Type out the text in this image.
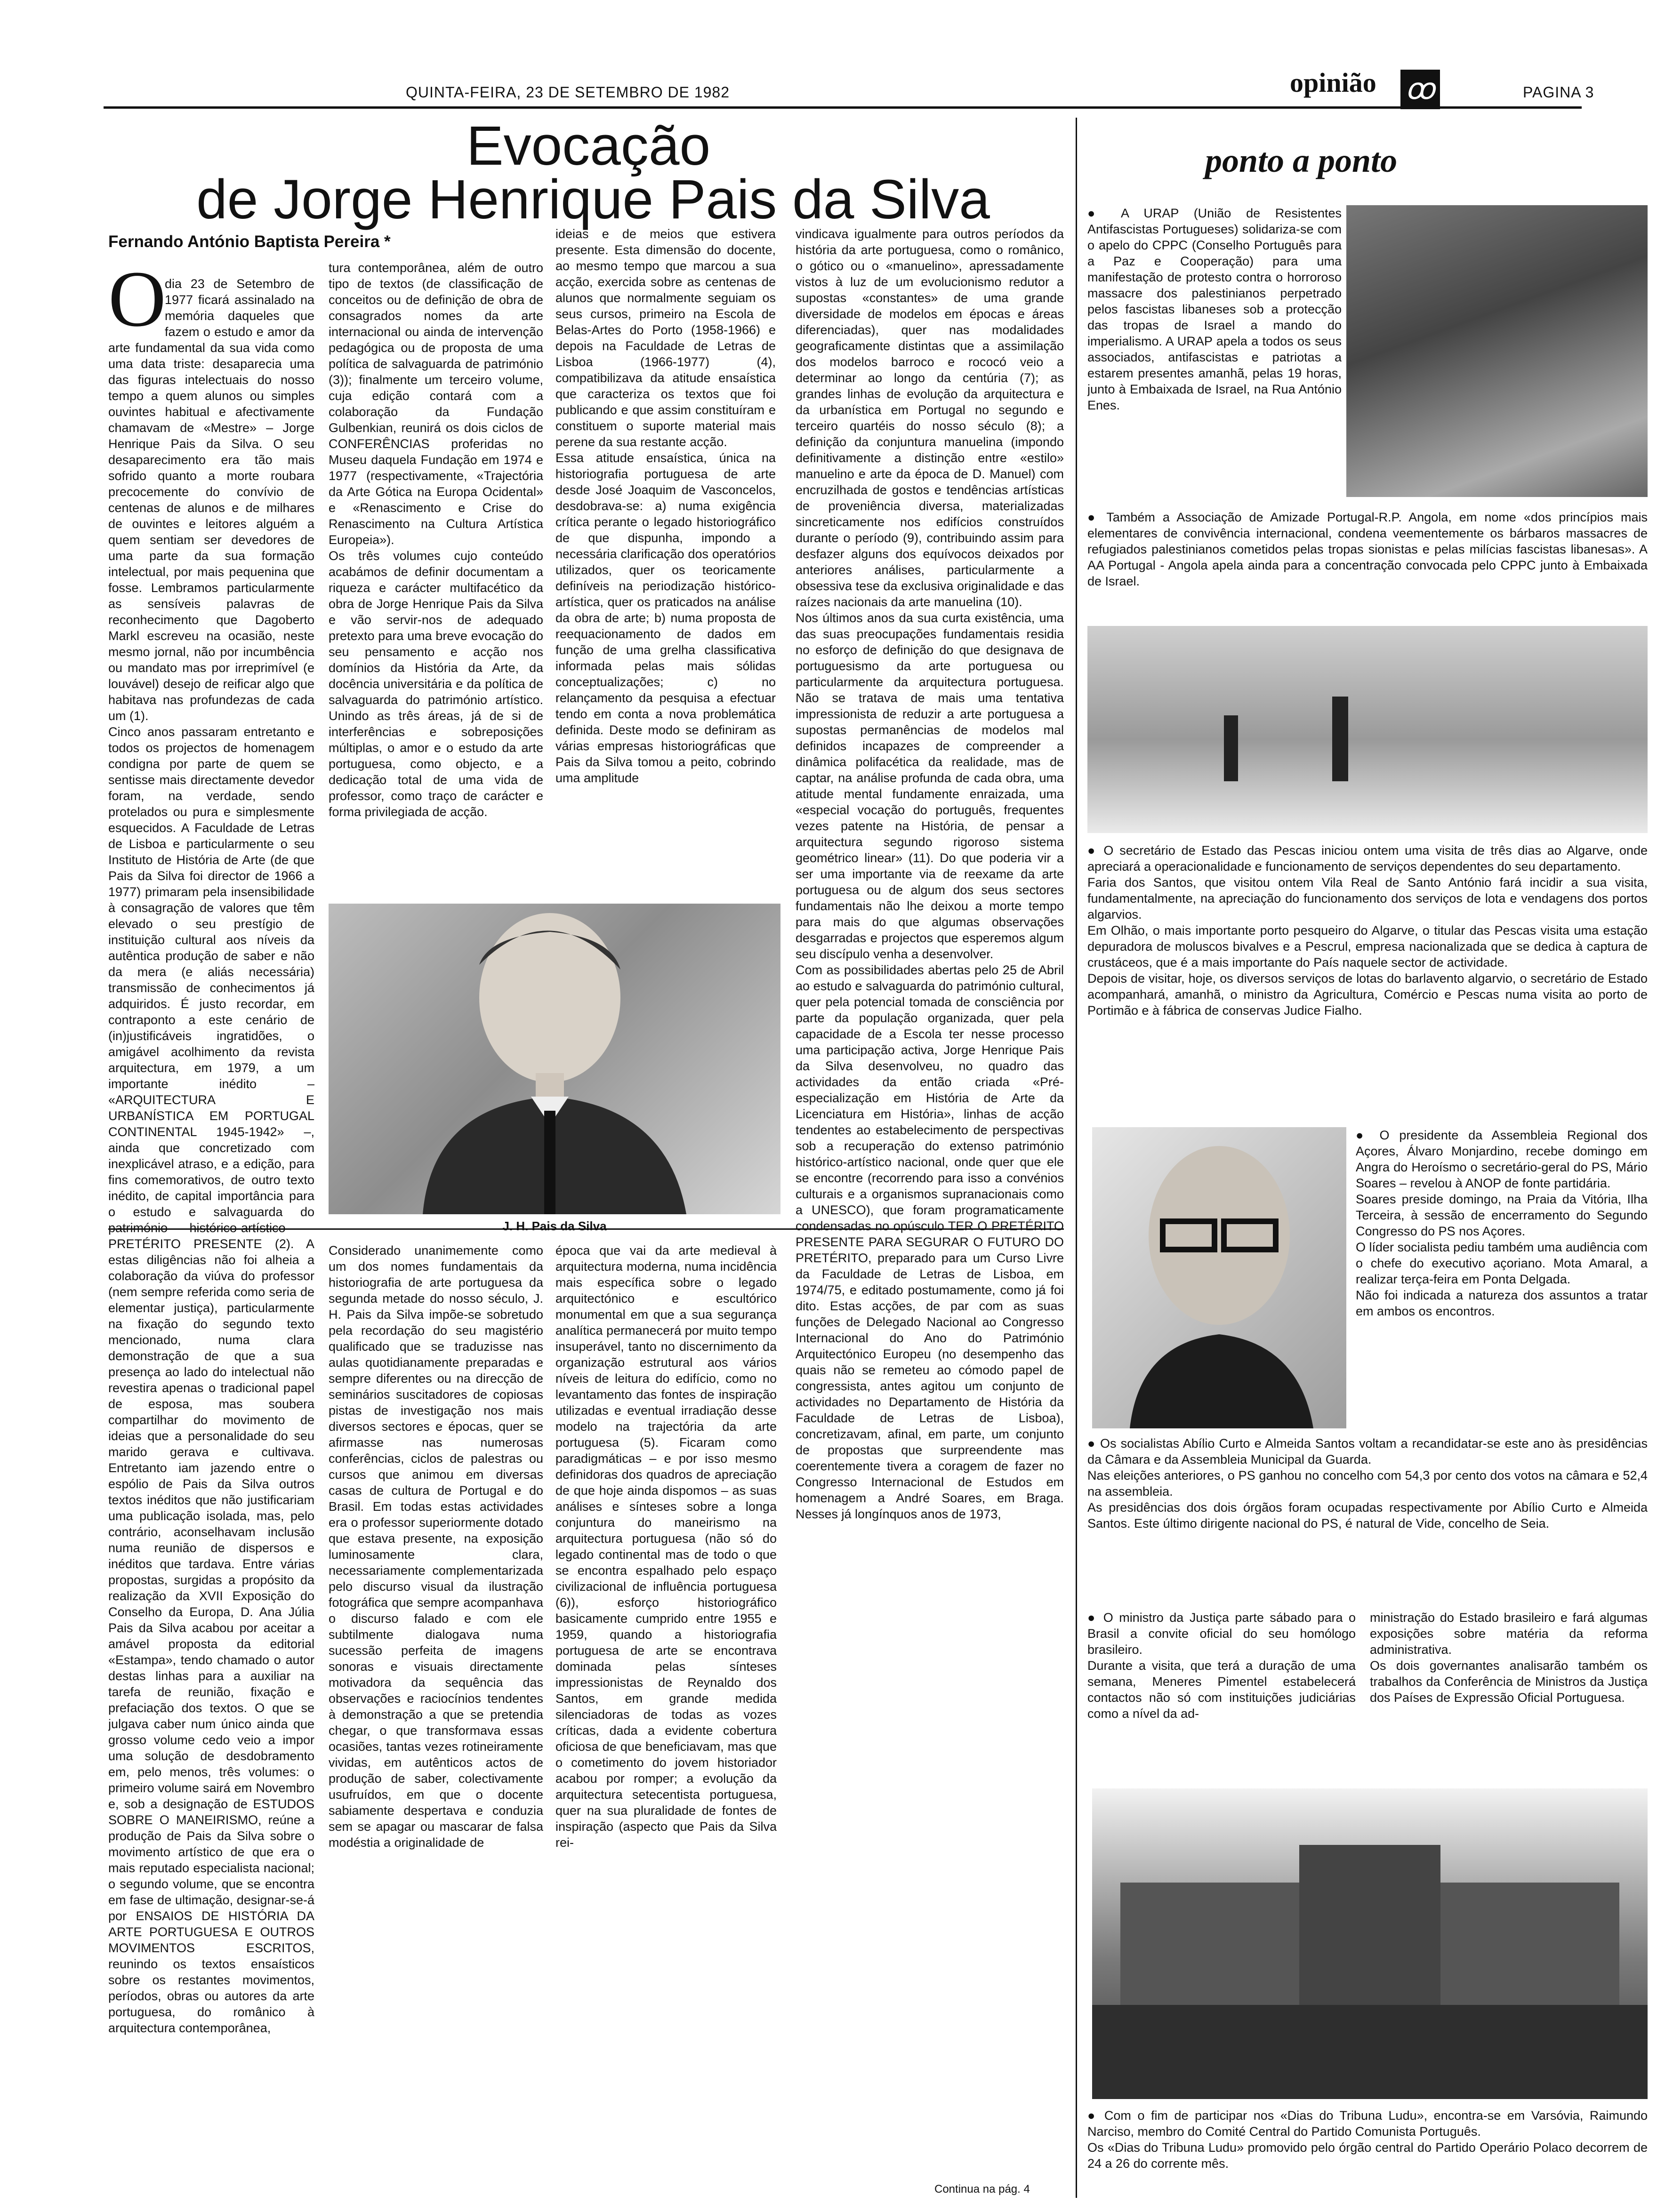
QUINTA-FEIRA, 23 DE SETEMBRO DE 1982	opinião ꝏ	PAGINA 3
Evocação
de Jorge Henrique Pais da Silva
Fernando António Baptista Pereira *
O

dia 23 de Setembro de 1977 ficará assinalado na memória daqueles que fazem o estudo e amor da arte fundamental da sua vida como uma data triste: desaparecia uma das figuras intelectuais do nosso tempo a quem alunos ou simples ouvintes habitual e afectivamente chamavam de «Mestre» – Jorge Henrique Pais da Silva. O seu desaparecimento era tão mais sofrido quanto a morte roubara precocemente do convívio de centenas de alunos e de milhares de ouvintes e leitores alguém a quem sentiam ser devedores de uma parte da sua formação intelectual, por mais pequenina que fosse. Lembramos particularmente as sensíveis palavras de reconhecimento que Dagoberto Markl escreveu na ocasião, neste mesmo jornal, não por incumbência ou mandato mas por irreprimível (e louvável) desejo de reificar algo que habitava nas profundezas de cada um (1).
Cinco anos passaram entretanto e todos os projectos de homenagem condigna por parte de quem se sentisse mais directamente devedor foram, na verdade, sendo protelados ou pura e simplesmente esquecidos. A Faculdade de Letras de Lisboa e particularmente o seu Instituto de História de Arte (de que Pais da Silva foi director de 1966 a 1977) primaram pela insensibilidade à consagração de valores que têm elevado o seu prestígio de instituição cultural aos níveis da autêntica produção de saber e não da mera (e aliás necessária) transmissão de conhecimentos já adquiridos. É justo recordar, em contraponto a este cenário de (in)justificáveis ingratidões, o amigável acolhimento da revista arquitectura, em 1979, a um importante inédito – «ARQUITECTURA E URBANÍSTICA EM PORTUGAL CONTINENTAL 1945-1942» –, ainda que concretizado com inexplicável atraso, e a edição, para fins comemorativos, de outro texto inédito, de capital importância para o estudo e salvaguarda do património histórico-artístico – PRETÉRITO PRESENTE (2). A estas diligências não foi alheia a colaboração da viúva do professor (nem sempre referida como seria de elementar justiça), particularmente na fixação do segundo texto mencionado, numa clara demonstração de que a sua presença ao lado do intelectual não revestira apenas o tradicional papel de esposa, mas soubera compartilhar do movimento de ideias que a personalidade do seu marido gerava e cultivava. Entretanto iam jazendo entre o espólio de Pais da Silva outros textos inéditos que não justificariam uma publicação isolada, mas, pelo contrário, aconselhavam inclusão numa reunião de dispersos e inéditos que tardava. Entre várias propostas, surgidas a propósito da realização da XVII Exposição do Conselho da Europa, D. Ana Júlia Pais da Silva acabou por aceitar a amável proposta da editorial «Estampa», tendo chamado o autor destas linhas para a auxiliar na tarefa de reunião, fixação e prefaciação dos textos. O que se julgava caber num único ainda que grosso volume cedo veio a impor uma solução de desdobramento em, pelo menos, três volumes: o primeiro volume sairá em Novembro e, sob a designação de ESTUDOS SOBRE O MANEIRISMO, reúne a produção de Pais da Silva sobre o movimento artístico de que era o mais reputado especialista nacional; o segundo volume, que se encontra em fase de ultimação, designar-se-á por ENSAIOS DE HISTÓRIA DA ARTE PORTUGUESA E OUTROS MOVIMENTOS ESCRITOS, reunindo os textos ensaísticos sobre os restantes movimentos, períodos, obras ou autores da arte portuguesa, do românico à arquitectura contemporânea,

tura contemporânea, além de outro tipo de textos (de classificação de conceitos ou de definição de obra de consagrados nomes da arte internacional ou ainda de intervenção pedagógica ou de proposta de uma política de salvaguarda de património (3)); finalmente um terceiro volume, cuja edição contará com a colaboração da Fundação Gulbenkian, reunirá os dois ciclos de CONFERÊNCIAS proferidas no Museu daquela Fundação em 1974 e 1977 (respectivamente, «Trajectória da Arte Gótica na Europa Ocidental» e «Renascimento e Crise do Renascimento na Cultura Artística Europeia»).
Os três volumes cujo conteúdo acabámos de definir documentam a riqueza e carácter multifacético da obra de Jorge Henrique Pais da Silva e vão servir-nos de adequado pretexto para uma breve evocação do seu pensamento e acção nos domínios da História da Arte, da docência universitária e da política de salvaguarda do património artístico. Unindo as três áreas, já de si de interferências e sobreposições múltiplas, o amor e o estudo da arte portuguesa, como objecto, e a dedicação total de uma vida de professor, como traço de carácter e forma privilegiada de acção.
ideias e de meios que estivera presente. Esta dimensão do docente, ao mesmo tempo que marcou a sua acção, exercida sobre as centenas de alunos que normalmente seguiam os seus cursos, primeiro na Escola de Belas-Artes do Porto (1958-1966) e depois na Faculdade de Letras de Lisboa (1966-1977) (4), compatibilizava da atitude ensaística que caracteriza os textos que foi publicando e que assim constituíram e constituem o suporte material mais perene da sua restante acção.
Essa atitude ensaística, única na historiografia portuguesa de arte desde José Joaquim de Vasconcelos, desdobrava-se: a) numa exigência crítica perante o legado historiográfico de que dispunha, impondo a necessária clarificação dos operatórios utilizados, quer os teoricamente definíveis na periodização histórico-artística, quer os praticados na análise da obra de arte; b) numa proposta de reequacionamento de dados em função de uma grelha classificativa informada pelas mais sólidas conceptualizações; c) no relançamento da pesquisa a efectuar tendo em conta a nova problemática definida. Deste modo se definiram as várias empresas historiográficas que Pais da Silva tomou a peito, cobrindo uma amplitude
vindicava igualmente para outros períodos da história da arte portuguesa, como o românico, o gótico ou o «manuelino», apressadamente vistos à luz de um evolucionismo redutor a supostas «constantes» de uma grande diversidade de modelos em épocas e áreas diferenciadas), quer nas modalidades geograficamente distintas que a assimilação dos modelos barroco e rococó veio a determinar ao longo da centúria (7); as grandes linhas de evolução da arquitectura e da urbanística em Portugal no segundo e terceiro quartéis do nosso século (8); a definição da conjuntura manuelina (impondo definitivamente a distinção entre «estilo» manuelino e arte da época de D. Manuel) com encruzilhada de gostos e tendências artísticas de proveniência diversa, materializadas sincreticamente nos edifícios construídos durante o período (9), contribuindo assim para desfazer alguns dos equívocos deixados por anteriores análises, particularmente a obsessiva tese da exclusiva originalidade e das raízes nacionais da arte manuelina (10).
Nos últimos anos da sua curta existência, uma das suas preocupações fundamentais residia no esforço de definição do que designava de portuguesismo da arte portuguesa ou particularmente da arquitectura portuguesa. Não se tratava de mais uma tentativa impressionista de reduzir a arte portuguesa a supostas permanências de modelos mal definidos incapazes de compreender a dinâmica polifacética da realidade, mas de captar, na análise profunda de cada obra, uma atitude mental fundamente enraizada, uma «especial vocação do português, frequentes vezes patente na História, de pensar a arquitectura segundo rigoroso sistema geométrico linear» (11). Do que poderia vir a ser uma importante via de reexame da arte portuguesa ou de algum dos seus sectores fundamentais não lhe deixou a morte tempo para mais do que algumas observações desgarradas e projectos que esperemos algum seu discípulo venha a desenvolver.
Com as possibilidades abertas pelo 25 de Abril ao estudo e salvaguarda do património cultural, quer pela potencial tomada de consciência por parte da população organizada, quer pela capacidade de a Escola ter nesse processo uma participação activa, Jorge Henrique Pais da Silva desenvolveu, no quadro das actividades da então criada «Pré-especialização em História de Arte da Licenciatura em História», linhas de acção tendentes ao estabelecimento de perspectivas sob a recuperação do extenso património histórico-artístico nacional, onde quer que ele se encontre (recorrendo para isso a convénios culturais e a organismos supranacionais como a UNESCO), que foram programaticamente condensadas no opúsculo TER O PRETÉRITO PRESENTE PARA SEGURAR O FUTURO DO PRETÉRITO, preparado para um Curso Livre da Faculdade de Letras de Lisboa, em 1974/75, e editado postumamente, como já foi dito. Estas acções, de par com as suas funções de Delegado Nacional ao Congresso Internacional do Ano do Património Arquitectónico Europeu (no desempenho das quais não se remeteu ao cómodo papel de congressista, antes agitou um conjunto de actividades no Departamento de História da Faculdade de Letras de Lisboa), concretizavam, afinal, em parte, um conjunto de propostas que surpreendente mas coerentemente tivera a coragem de fazer no Congresso Internacional de Estudos em homenagem a André Soares, em Braga. Nesses já longínquos anos de 1973,
J. H. Pais da Silva
Considerado unanimemente como um dos nomes fundamentais da historiografia de arte portuguesa da segunda metade do nosso século, J. H. Pais da Silva impõe-se sobretudo pela recordação do seu magistério qualificado que se traduzisse nas aulas quotidianamente preparadas e sempre diferentes ou na direcção de seminários suscitadores de copiosas pistas de investigação nos mais diversos sectores e épocas, quer se afirmasse nas numerosas conferências, ciclos de palestras ou cursos que animou em diversas casas de cultura de Portugal e do Brasil. Em todas estas actividades era o professor superiormente dotado que estava presente, na exposição luminosamente clara, necessariamente complementarizada pelo discurso visual da ilustração fotográfica que sempre acompanhava o discurso falado e com ele subtilmente dialogava numa sucessão perfeita de imagens sonoras e visuais directamente motivadora da sequência das observações e raciocínios tendentes à demonstração a que se pretendia chegar, o que transformava essas ocasiões, tantas vezes rotineiramente vividas, em autênticos actos de produção de saber, colectivamente usufruídos, em que o docente sabiamente despertava e conduzia sem se apagar ou mascarar de falsa modéstia a originalidade de
época que vai da arte medieval à arquitectura moderna, numa incidência mais específica sobre o legado arquitectónico e escultórico monumental em que a sua segurança analítica permanecerá por muito tempo insuperável, tanto no discernimento da organização estrutural aos vários níveis de leitura do edifício, como no levantamento das fontes de inspiração utilizadas e eventual irradiação desse modelo na trajectória da arte portuguesa (5). Ficaram como paradigmáticas – e por isso mesmo definidoras dos quadros de apreciação de que hoje ainda dispomos – as suas análises e sínteses sobre a longa conjuntura do maneirismo na arquitectura portuguesa (não só do legado continental mas de todo o que se encontra espalhado pelo espaço civilizacional de influência portuguesa (6)), esforço historiográfico basicamente cumprido entre 1955 e 1959, quando a historiografia portuguesa de arte se encontrava dominada pelas sínteses impressionistas de Reynaldo dos Santos, em grande medida silenciadoras de todas as vozes críticas, dada a evidente cobertura oficiosa de que beneficiavam, mas que o cometimento do jovem historiador acabou por romper; a evolução da arquitectura setecentista portuguesa, quer na sua pluralidade de fontes de inspiração (aspecto que Pais da Silva rei-
Continua na pág. 4
ponto a ponto
● A URAP (União de Resistentes Antifascistas Portugueses) solidariza-se com o apelo do CPPC (Conselho Português para a Paz e Cooperação) para uma manifestação de protesto contra o horroroso massacre dos palestinianos perpetrado pelos fascistas libaneses sob a protecção das tropas de Israel a mando do imperialismo. A URAP apela a todos os seus associados, antifascistas e patriotas a estarem presentes amanhã, pelas 19 horas, junto à Embaixada de Israel, na Rua António Enes.
● Também a Associação de Amizade Portugal-R.P. Angola, em nome «dos princípios mais elementares de convivência internacional, condena veementemente os bárbaros massacres de refugiados palestinianos cometidos pelas tropas sionistas e pelas milícias fascistas libanesas». A AA Portugal - Angola apela ainda para a concentração convocada pelo CPPC junto à Embaixada de Israel.
● O secretário de Estado das Pescas iniciou ontem uma visita de três dias ao Algarve, onde apreciará a operacionalidade e funcionamento de serviços dependentes do seu departamento.
Faria dos Santos, que visitou ontem Vila Real de Santo António fará incidir a sua visita, fundamentalmente, na apreciação do funcionamento dos serviços de lota e vendagens dos portos algarvios.
Em Olhão, o mais importante porto pesqueiro do Algarve, o titular das Pescas visita uma estação depuradora de moluscos bivalves e a Pescrul, empresa nacionalizada que se dedica à captura de crustáceos, que é a mais importante do País naquele sector de actividade.
Depois de visitar, hoje, os diversos serviços de lotas do barlavento algarvio, o secretário de Estado acompanhará, amanhã, o ministro da Agricultura, Comércio e Pescas numa visita ao porto de Portimão e à fábrica de conservas Judice Fialho.
● O presidente da Assembleia Regional dos Açores, Álvaro Monjardino, recebe domingo em Angra do Heroísmo o secretário-geral do PS, Mário Soares – revelou à ANOP de fonte partidária.
Soares preside domingo, na Praia da Vitória, Ilha Terceira, à sessão de encerramento do Segundo Congresso do PS nos Açores.
O líder socialista pediu também uma audiência com o chefe do executivo açoriano. Mota Amaral, a realizar terça-feira em Ponta Delgada.
Não foi indicada a natureza dos assuntos a tratar em ambos os encontros.
● Os socialistas Abílio Curto e Almeida Santos voltam a recandidatar-se este ano às presidências da Câmara e da Assembleia Municipal da Guarda.
Nas eleições anteriores, o PS ganhou no concelho com 54,3 por cento dos votos na câmara e 52,4 na assembleia.
As presidências dos dois órgãos foram ocupadas respectivamente por Abílio Curto e Almeida Santos. Este último dirigente nacional do PS, é natural de Vide, concelho de Seia.
● O ministro da Justiça parte sábado para o Brasil a convite oficial do seu homólogo brasileiro.
Durante a visita, que terá a duração de uma semana, Meneres Pimentel estabelecerá contactos não só com instituições judiciárias como a nível da ad-
ministração do Estado brasileiro e fará algumas exposições sobre matéria da reforma administrativa.
Os dois governantes analisarão também os trabalhos da Conferência de Ministros da Justiça dos Países de Expressão Oficial Portuguesa.
● Com o fim de participar nos «Dias do Tribuna Ludu», encontra-se em Varsóvia, Raimundo Narciso, membro do Comité Central do Partido Comunista Português.
Os «Dias do Tribuna Ludu» promovido pelo órgão central do Partido Operário Polaco decorrem de 24 a 26 do corrente mês.
